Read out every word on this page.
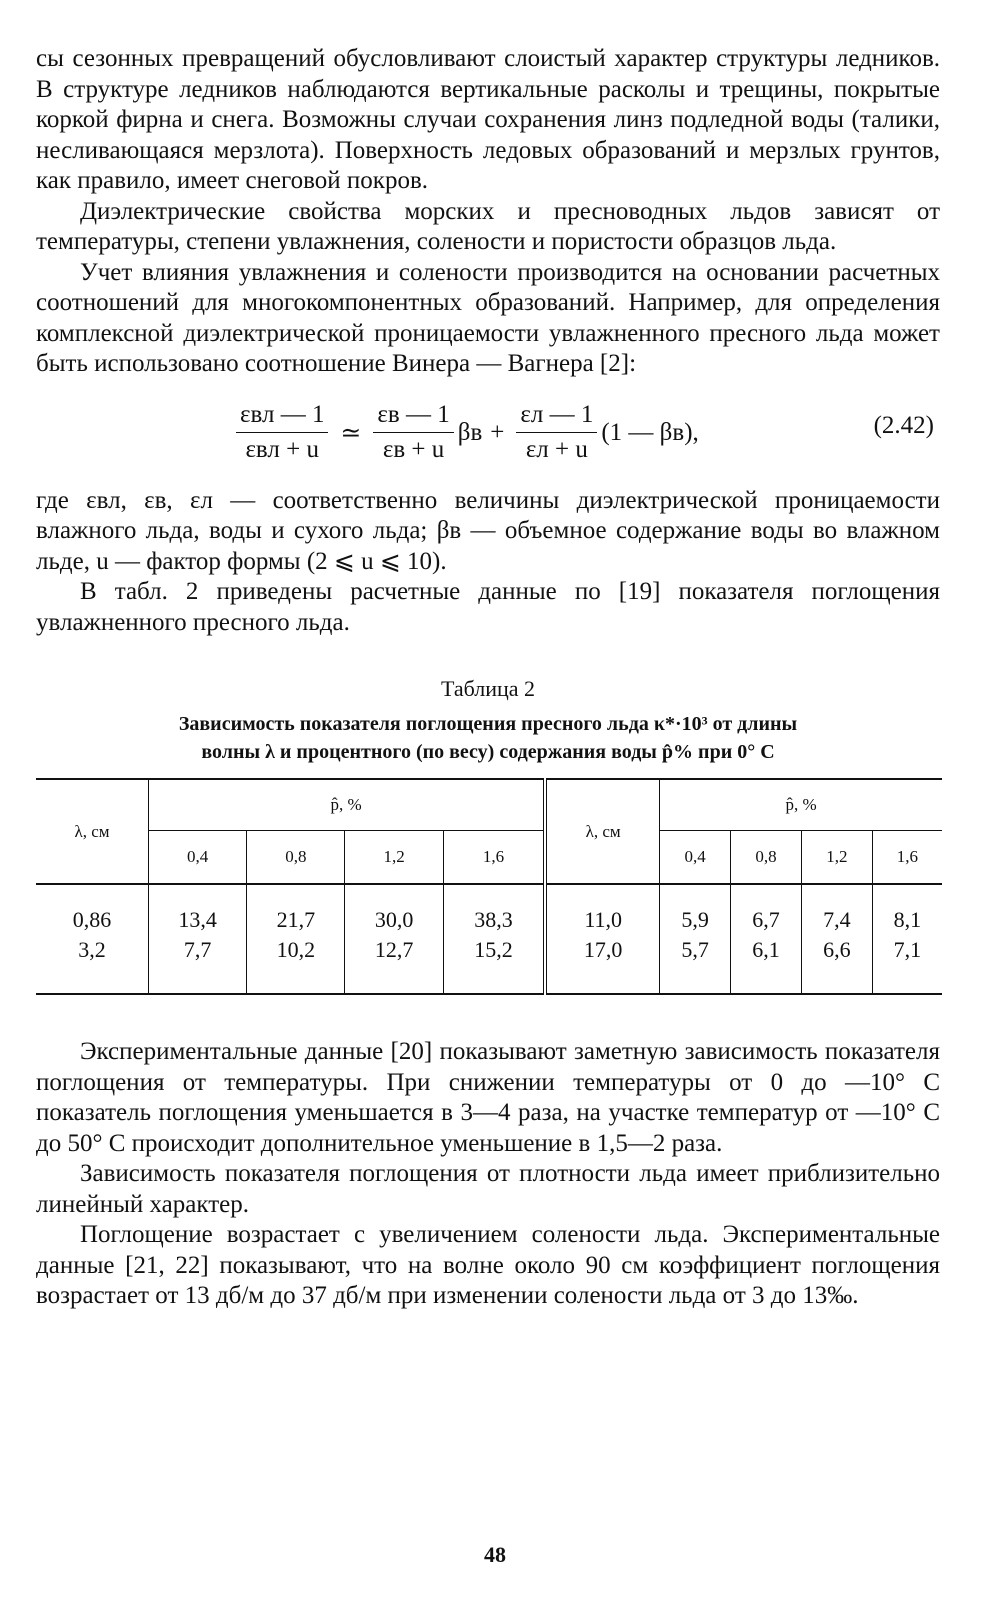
сы сезонных превращений обусловливают слоистый характер структуры ледников. В структуре ледников наблюдаются вертикальные расколы и трещины, покрытые коркой фирна и снега. Возможны случаи сохранения линз подледной воды (талики, несливающаяся мерзлота). Поверхность ледовых образований и мерзлых грунтов, как правило, имеет снеговой покров.

Диэлектрические свойства морских и пресноводных льдов зависят от температуры, степени увлажнения, солености и пористости образцов льда.

Учет влияния увлажнения и солености производится на основании расчетных соотношений для многокомпонентных образований. Например, для определения комплексной диэлектрической проницаемости увлажненного пресного льда может быть использовано соотношение Винера — Вагнера [2]:

$\frac{\text{εвл — 1}}{\text{εвл + u}}$ ≃ $\frac{\varepsilon в — 1}{\varepsilon в + u}$ $\beta в + \frac{\varepsilon л — 1}{\varepsilon л + u} (1$ — βв),	(2.42)

где εвл, εв, εл — соответственно величины диэлектрической проницаемости влажного льда, воды и сухого льда; βв — объемное содержание воды во влажном льде, u — фактор формы (2 ⩽ u ⩽ 10).

В табл. 2 приведены расчетные данные по [19] показателя поглощения увлажненного пресного льда.

Таблица 2
Зависимость показателя поглощения пресного льда κ*·10³ от длины
волны λ и процентного (по весу) содержания воды p̂% при 0° С
λ, см	p̂, %				λ, см	p̂, %			
	0,4	0,8	1,2	1,6		0,4	0,8	1,2	1,6
0,86	13,4	21,7	30,0	38,3	11,0	5,9	6,7	7,4	8,1
3,2	7,7	10,2	12,7	15,2	17,0	5,7	6,1	6,6	7,1

Экспериментальные данные [20] показывают заметную зависимость показателя поглощения от температуры. При снижении температуры от 0 до —10° С показатель поглощения уменьшается в 3—4 раза, на участке температур от —10° С до 50° С происходит дополнительное уменьшение в 1,5—2 раза.

Зависимость показателя поглощения от плотности льда имеет приблизительно линейный характер.

Поглощение возрастает с увеличением солености льда. Экспериментальные данные [21, 22] показывают, что на волне около 90 см коэффициент поглощения возрастает от 13 дб/м до 37 дб/м при изменении солености льда от 3 до 13‰.

48
